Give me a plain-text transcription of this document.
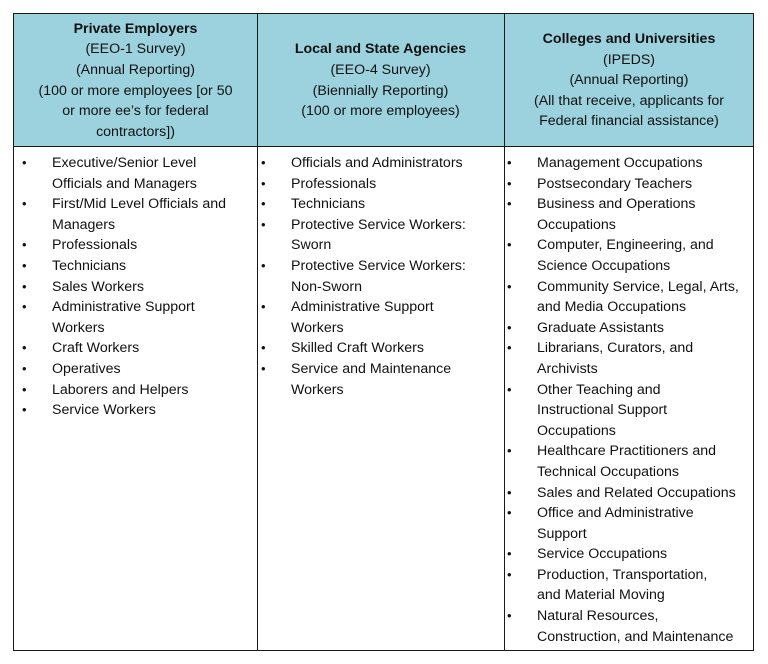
Private Employers
(EEO-1 Survey)
(Annual Reporting)
(100 or more employees [or 50
or more ee’s for federal
contractors])
Local and State Agencies
(EEO-4 Survey)
(Biennially Reporting)
(100 or more employees)
Colleges and Universities
(IPEDS)
(Annual Reporting)
(All that receive, applicants for
Federal financial assistance)
• Executive/Senior Level
Officials and Managers
• First/Mid Level Officials and
Managers
• Professionals
• Technicians
• Sales Workers
• Administrative Support
Workers
• Craft Workers
• Operatives
• Laborers and Helpers
• Service Workers
• Officials and Administrators
• Professionals
• Technicians
• Protective Service Workers:
Sworn
• Protective Service Workers:
Non-Sworn
• Administrative Support
Workers
• Skilled Craft Workers
• Service and Maintenance
Workers
• Management Occupations
• Postsecondary Teachers
• Business and Operations
Occupations
• Computer, Engineering, and
Science Occupations
• Community Service, Legal, Arts,
and Media Occupations
• Graduate Assistants
• Librarians, Curators, and
Archivists
• Other Teaching and
Instructional Support
Occupations
• Healthcare Practitioners and
Technical Occupations
• Sales and Related Occupations
• Office and Administrative
Support
• Service Occupations
• Production, Transportation,
and Material Moving
• Natural Resources,
Construction, and Maintenance
